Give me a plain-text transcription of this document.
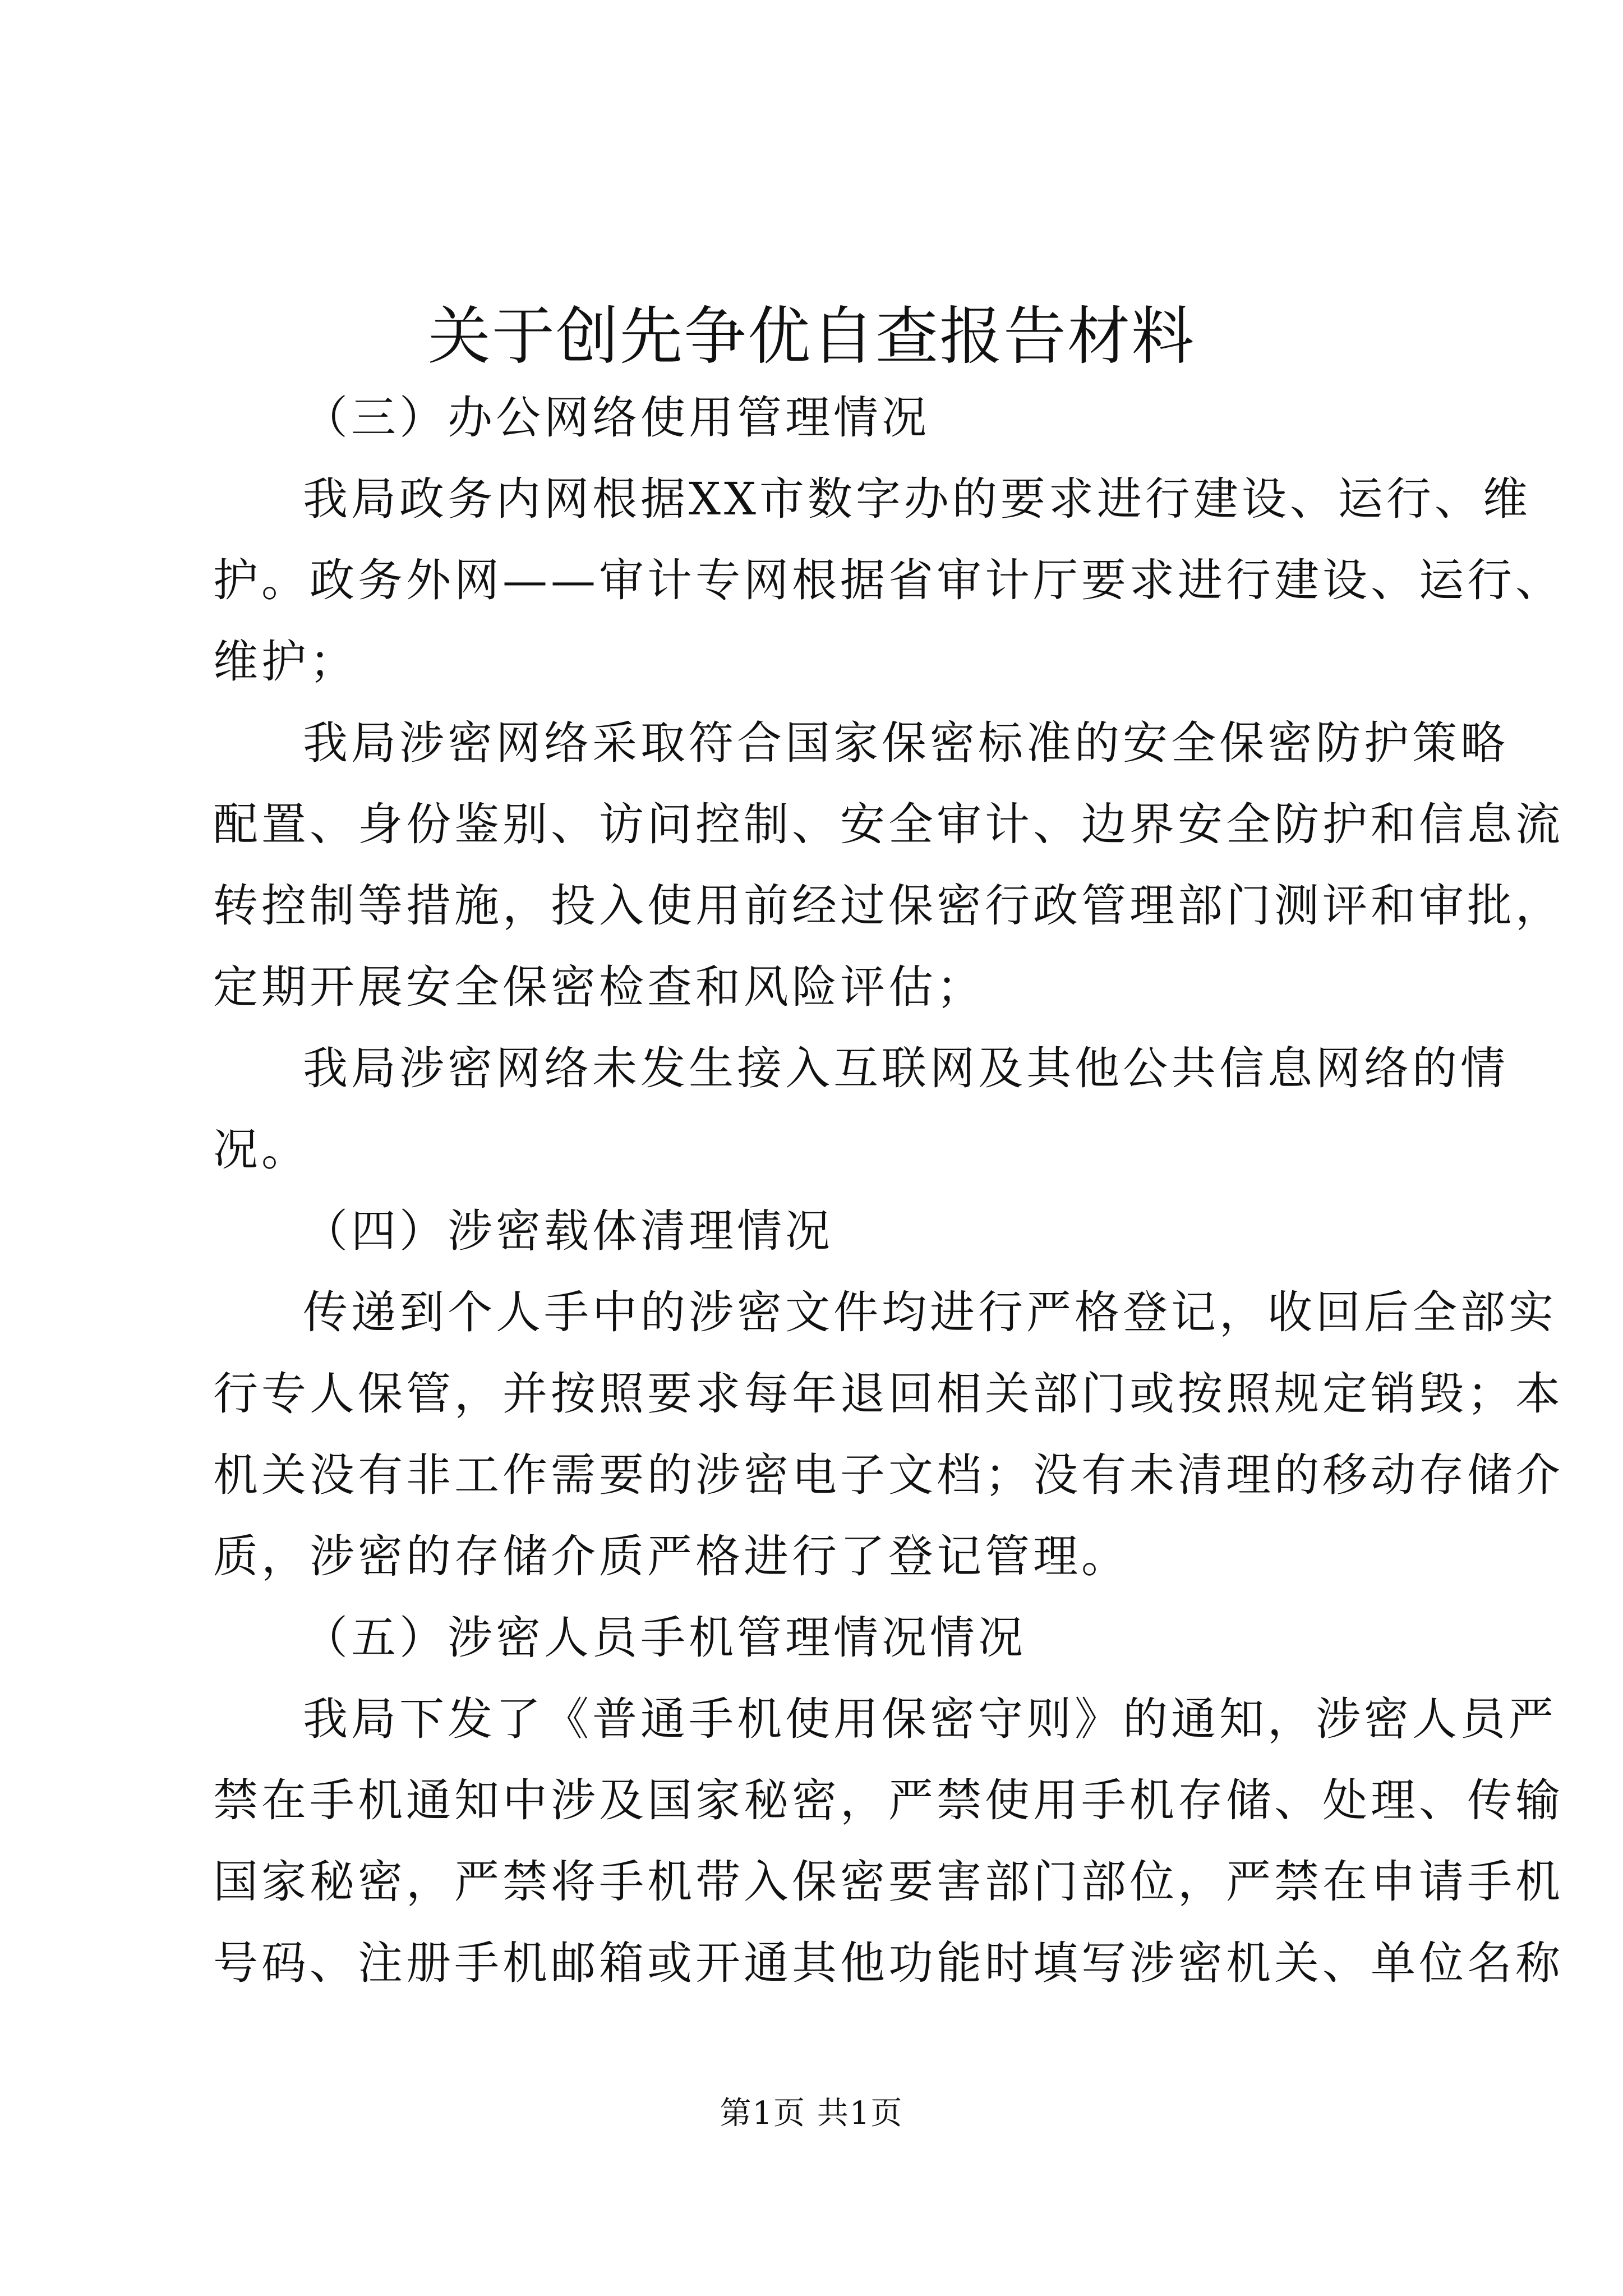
关于创先争优自查报告材料

（三）办公网络使用管理情况

我局政务内网根据XX市数字办的要求进行建设、运行、维

护。政务外网——审计专网根据省审计厅要求进行建设、运行、

维护；

我局涉密网络采取符合国家保密标准的安全保密防护策略

配置、身份鉴别、访问控制、安全审计、边界安全防护和信息流

转控制等措施，投入使用前经过保密行政管理部门测评和审批，

定期开展安全保密检查和风险评估；

我局涉密网络未发生接入互联网及其他公共信息网络的情

况。

（四）涉密载体清理情况

传递到个人手中的涉密文件均进行严格登记，收回后全部实

行专人保管，并按照要求每年退回相关部门或按照规定销毁；本

机关没有非工作需要的涉密电子文档；没有未清理的移动存储介

质，涉密的存储介质严格进行了登记管理。

（五）涉密人员手机管理情况情况

我局下发了《普通手机使用保密守则》的通知，涉密人员严

禁在手机通知中涉及国家秘密，严禁使用手机存储、处理、传输

国家秘密，严禁将手机带入保密要害部门部位，严禁在申请手机

号码、注册手机邮箱或开通其他功能时填写涉密机关、单位名称

第1页 共1页
